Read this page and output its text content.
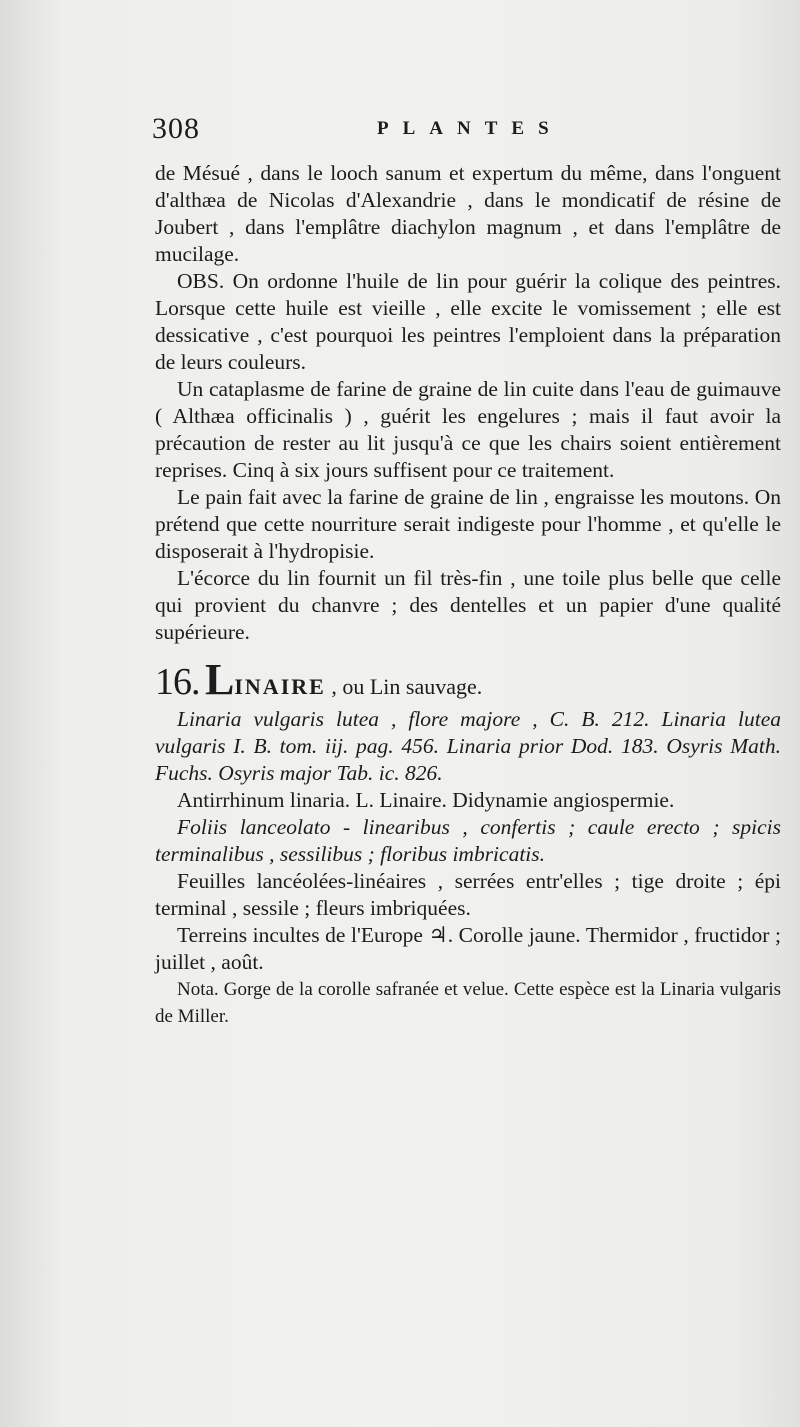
308	PLANTES

de Mésué , dans le looch sanum et expertum du même, dans l'onguent d'althæa de Nicolas d'Alexandrie , dans le mondicatif de résine de Joubert , dans l'emplâtre diachylon magnum , et dans l'emplâtre de mucilage.

OBS. On ordonne l'huile de lin pour guérir la colique des peintres. Lorsque cette huile est vieille , elle excite le vomissement ; elle est dessicative , c'est pourquoi les peintres l'emploient dans la préparation de leurs couleurs.

Un cataplasme de farine de graine de lin cuite dans l'eau de guimauve ( Althæa officinalis ) , guérit les engelures ; mais il faut avoir la précaution de rester au lit jusqu'à ce que les chairs soient entièrement reprises. Cinq à six jours suffisent pour ce traitement.

Le pain fait avec la farine de graine de lin , engraisse les moutons. On prétend que cette nourriture serait indigeste pour l'homme , et qu'elle le disposerait à l'hydropisie.

L'écorce du lin fournit un fil très-fin , une toile plus belle que celle qui provient du chanvre ; des dentelles et un papier d'une qualité supérieure.

16. LINAIRE , ou Lin sauvage.

Linaria vulgaris lutea , flore majore , C. B. 212. Linaria lutea vulgaris I. B. tom. iij. pag. 456. Linaria prior Dod. 183. Osyris Math. Fuchs. Osyris major Tab. ic. 826.

Antirrhinum linaria. L. Linaire. Didynamie angiospermie.

Foliis lanceolato - linearibus , confertis ; caule erecto ; spicis terminalibus , sessilibus ; floribus imbricatis.

Feuilles lancéolées-linéaires , serrées entr'elles ; tige droite ; épi terminal , sessile ; fleurs imbriquées.

Terreins incultes de l'Europe ♃. Corolle jaune. Thermidor , fructidor ; juillet , août.

Nota. Gorge de la corolle safranée et velue. Cette espèce est la Linaria vulgaris de Miller.
